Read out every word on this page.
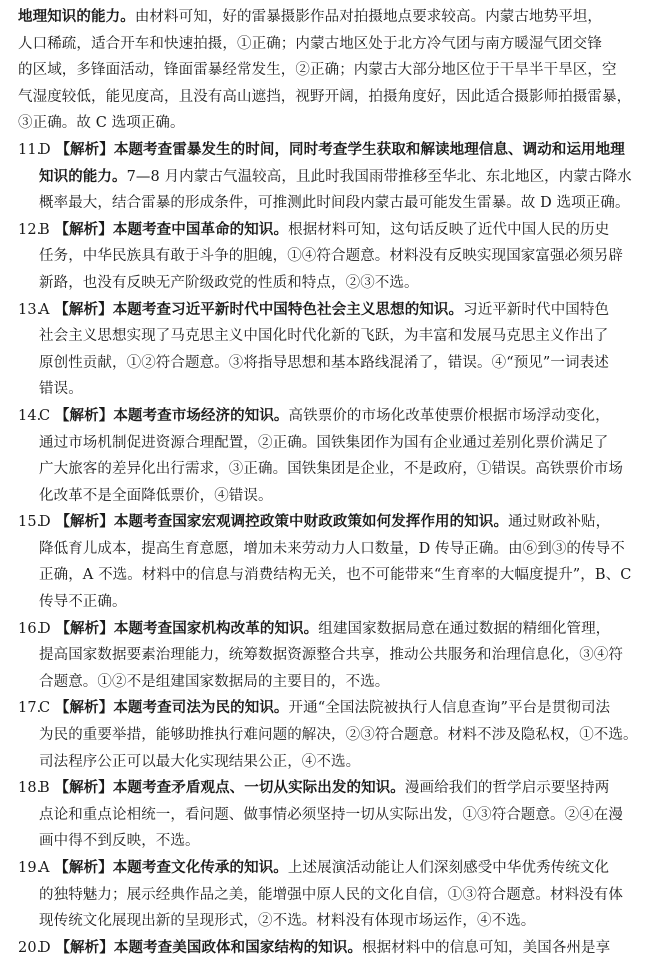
地理知识的能力。由材料可知，好的雷暴摄影作品对拍摄地点要求较高。内蒙古地势平坦，
人口稀疏，适合开车和快速拍摄，①正确；内蒙古地区处于北方冷气团与南方暖湿气团交锋
的区域，多锋面活动，锋面雷暴经常发生，②正确；内蒙古大部分地区位于干旱半干旱区，空
气湿度较低，能见度高，且没有高山遮挡，视野开阔，拍摄角度好，因此适合摄影师拍摄雷暴，
③正确。故 C 选项正确。
11.D 【解析】本题考查雷暴发生的时间，同时考查学生获取和解读地理信息、调动和运用地理
知识的能力。7—8 月内蒙古气温较高，且此时我国雨带推移至华北、东北地区，内蒙古降水
概率最大，结合雷暴的形成条件，可推测此时间段内蒙古最可能发生雷暴。故 D 选项正确。
12.B 【解析】本题考查中国革命的知识。根据材料可知，这句话反映了近代中国人民的历史
任务，中华民族具有敢于斗争的胆魄，①④符合题意。材料没有反映实现国家富强必须另辟
新路，也没有反映无产阶级政党的性质和特点，②③不选。
13.A 【解析】本题考查习近平新时代中国特色社会主义思想的知识。习近平新时代中国特色
社会主义思想实现了马克思主义中国化时代化新的飞跃，为丰富和发展马克思主义作出了
原创性贡献，①②符合题意。③将指导思想和基本路线混淆了，错误。④“预见”一词表述
错误。
14.C 【解析】本题考查市场经济的知识。高铁票价的市场化改革使票价根据市场浮动变化，
通过市场机制促进资源合理配置，②正确。国铁集团作为国有企业通过差别化票价满足了
广大旅客的差异化出行需求，③正确。国铁集团是企业，不是政府，①错误。高铁票价市场
化改革不是全面降低票价，④错误。
15.D 【解析】本题考查国家宏观调控政策中财政政策如何发挥作用的知识。通过财政补贴，
降低育儿成本，提高生育意愿，增加未来劳动力人口数量，D 传导正确。由⑥到③的传导不
正确，A 不选。材料中的信息与消费结构无关，也不可能带来“生育率的大幅度提升”，B、C
传导不正确。
16.D 【解析】本题考查国家机构改革的知识。组建国家数据局意在通过数据的精细化管理，
提高国家数据要素治理能力，统筹数据资源整合共享，推动公共服务和治理信息化，③④符
合题意。①②不是组建国家数据局的主要目的，不选。
17.C 【解析】本题考查司法为民的知识。开通“全国法院被执行人信息查询”平台是贯彻司法
为民的重要举措，能够助推执行难问题的解决，②③符合题意。材料不涉及隐私权，①不选。
司法程序公正可以最大化实现结果公正，④不选。
18.B 【解析】本题考查矛盾观点、一切从实际出发的知识。漫画给我们的哲学启示要坚持两
点论和重点论相统一，看问题、做事情必须坚持一切从实际出发，①③符合题意。②④在漫
画中得不到反映，不选。
19.A 【解析】本题考查文化传承的知识。上述展演活动能让人们深刻感受中华优秀传统文化
的独特魅力；展示经典作品之美，能增强中原人民的文化自信，①③符合题意。材料没有体
现传统文化展现出新的呈现形式，②不选。材料没有体现市场运作，④不选。
20.D 【解析】本题考查美国政体和国家结构的知识。根据材料中的信息可知，美国各州是享
